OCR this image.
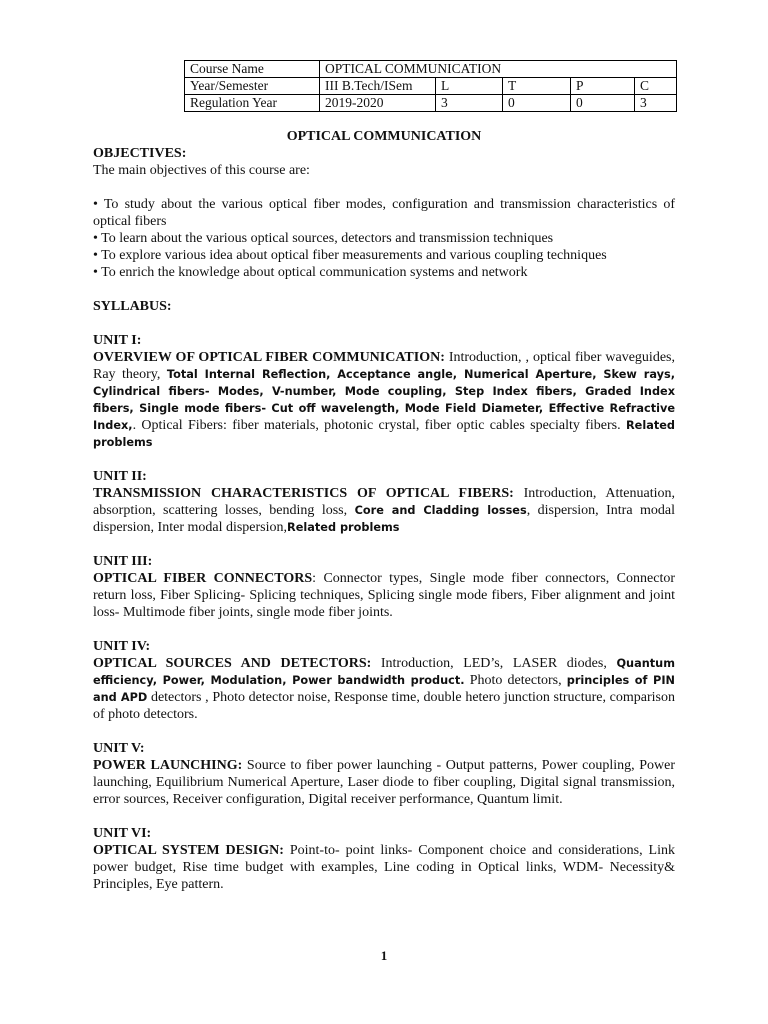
Course Name	OPTICAL COMMUNICATION				
Year/Semester	III B.Tech/ISem	L	T	P	C
Regulation Year	2019-2020	3	0	0	3

OPTICAL COMMUNICATION

OBJECTIVES:

The main objectives of this course are:

• To study about the various optical fiber modes, configuration and transmission characteristics of optical fibers

• To learn about the various optical sources, detectors and transmission techniques

• To explore various idea about optical fiber measurements and various coupling techniques

• To enrich the knowledge about optical communication systems and network

SYLLABUS:

UNIT I:

OVERVIEW OF OPTICAL FIBER COMMUNICATION: Introduction, , optical fiber waveguides, Ray theory, Total Internal Reflection, Acceptance angle, Numerical Aperture, Skew rays, Cylindrical fibers- Modes, V-number, Mode coupling, Step Index fibers, Graded Index fibers, Single mode fibers- Cut off wavelength, Mode Field Diameter, Effective Refractive Index,. Optical Fibers: fiber materials, photonic crystal, fiber optic cables specialty fibers. Related problems

UNIT II:

TRANSMISSION CHARACTERISTICS OF OPTICAL FIBERS: Introduction, Attenuation, absorption, scattering losses, bending loss, Core and Cladding losses, dispersion, Intra modal dispersion, Inter modal dispersion,Related problems

UNIT III:

OPTICAL FIBER CONNECTORS: Connector types, Single mode fiber connectors, Connector return loss, Fiber Splicing- Splicing techniques, Splicing single mode fibers, Fiber alignment and joint loss- Multimode fiber joints, single mode fiber joints.

UNIT IV:

OPTICAL SOURCES AND DETECTORS: Introduction, LED’s, LASER diodes, Quantum efficiency, Power, Modulation, Power bandwidth product. Photo detectors, principles of PIN and APD detectors , Photo detector noise, Response time, double hetero junction structure, comparison of photo detectors.

UNIT V:

POWER LAUNCHING: Source to fiber power launching - Output patterns, Power coupling, Power launching, Equilibrium Numerical Aperture, Laser diode to fiber coupling, Digital signal transmission, error sources, Receiver configuration, Digital receiver performance, Quantum limit.

UNIT VI:

OPTICAL SYSTEM DESIGN: Point-to- point links- Component choice and considerations, Link power budget, Rise time budget with examples, Line coding in Optical links, WDM- Necessity& Principles, Eye pattern.

1
